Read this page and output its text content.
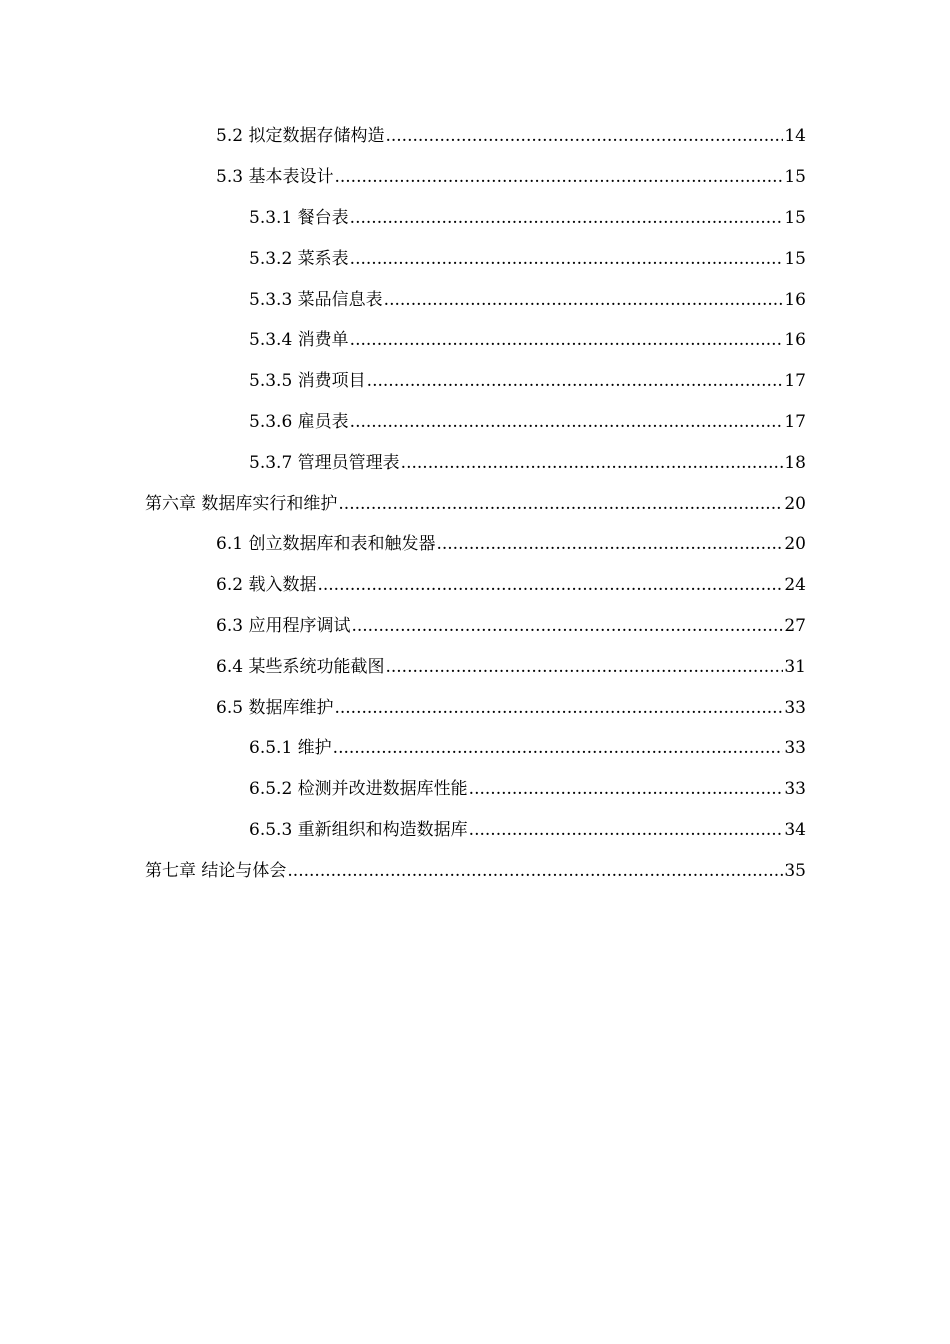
5.2 拟定数据存储构造 .....	14
5.3 基本表设计 .....	15
5.3.1 餐台表 .....	15
5.3.2 菜系表 .....	15
5.3.3 菜品信息表 .....	16
5.3.4 消费单 .....	16
5.3.5 消费项目 .....	17
5.3.6 雇员表 .....	17
5.3.7 管理员管理表 .....	18
第六章 数据库实行和维护 .....	20
6.1 创立数据库和表和触发器 .....	20
6.2 载入数据 .....	24
6.3 应用程序调试 .....	27
6.4 某些系统功能截图 .....	31
6.5 数据库维护 .....	33
6.5.1 维护 .....	33
6.5.2 检测并改进数据库性能 .....	33
6.5.3 重新组织和构造数据库 .....	34
第七章 结论与体会 .....	35
